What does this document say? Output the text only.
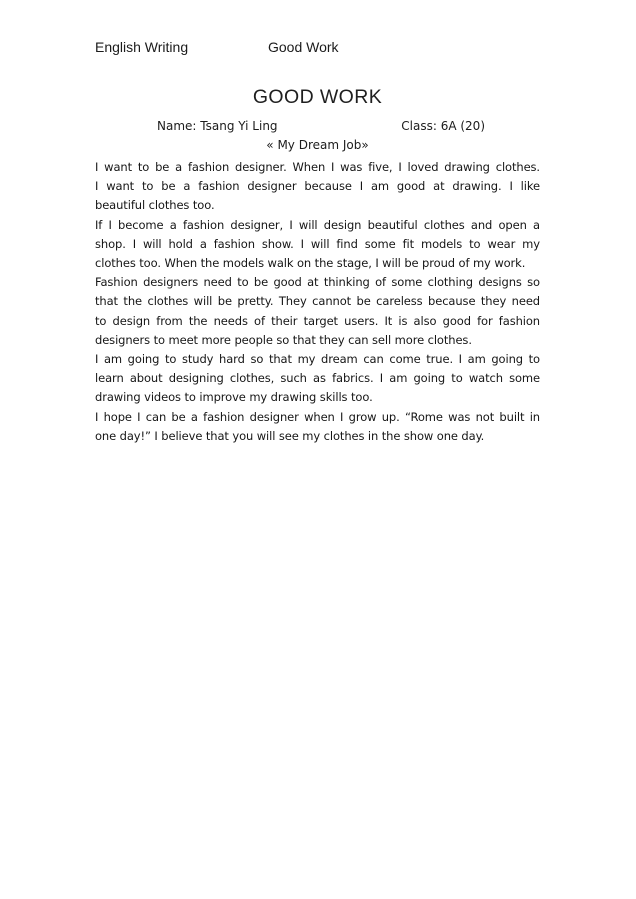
English Writing	Good Work
GOOD WORK
Name: Tsang Yi Ling	Class: 6A (20)
« My Dream Job»
I want to be a fashion designer. When I was five, I loved drawing clothes.
I want to be a fashion designer because I am good at drawing. I like
beautiful clothes too.
If I become a fashion designer, I will design beautiful clothes and open a
shop. I will hold a fashion show. I will find some fit models to wear my
clothes too. When the models walk on the stage, I will be proud of my work.
Fashion designers need to be good at thinking of some clothing designs so
that the clothes will be pretty. They cannot be careless because they need
to design from the needs of their target users. It is also good for fashion
designers to meet more people so that they can sell more clothes.
I am going to study hard so that my dream can come true. I am going to
learn about designing clothes, such as fabrics. I am going to watch some
drawing videos to improve my drawing skills too.
I hope I can be a fashion designer when I grow up. “Rome was not built in
one day!” I believe that you will see my clothes in the show one day.
